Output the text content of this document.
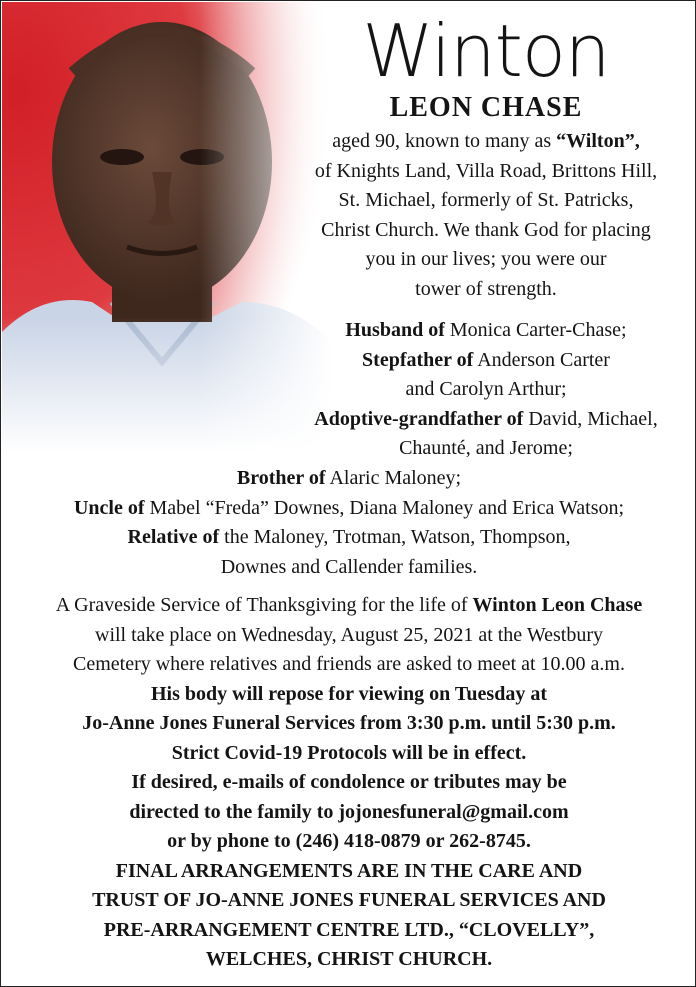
Winton
LEON CHASE
aged 90, known to many as “Wilton”,
of Knights Land, Villa Road, Brittons Hill,
St. Michael, formerly of St. Patricks,
Christ Church. We thank God for placing
you in our lives; you were our
tower of strength.
Husband of Monica Carter-Chase;
Stepfather of Anderson Carter
and Carolyn Arthur;
Adoptive-grandfather of David, Michael,
Chaunté, and Jerome;
Brother of Alaric Maloney;
Uncle of Mabel “Freda” Downes, Diana Maloney and Erica Watson;
Relative of the Maloney, Trotman, Watson, Thompson,
Downes and Callender families.
A Graveside Service of Thanksgiving for the life of Winton Leon Chase
will take place on Wednesday, August 25, 2021 at the Westbury
Cemetery where relatives and friends are asked to meet at 10.00 a.m.
His body will repose for viewing on Tuesday at
Jo-Anne Jones Funeral Services from 3:30 p.m. until 5:30 p.m.
Strict Covid-19 Protocols will be in effect.
If desired, e-mails of condolence or tributes may be
directed to the family to jojonesfuneral@gmail.com
or by phone to (246) 418-0879 or 262-8745.
FINAL ARRANGEMENTS ARE IN THE CARE AND
TRUST OF JO-ANNE JONES FUNERAL SERVICES AND
PRE-ARRANGEMENT CENTRE LTD., “CLOVELLY”,
WELCHES, CHRIST CHURCH.
